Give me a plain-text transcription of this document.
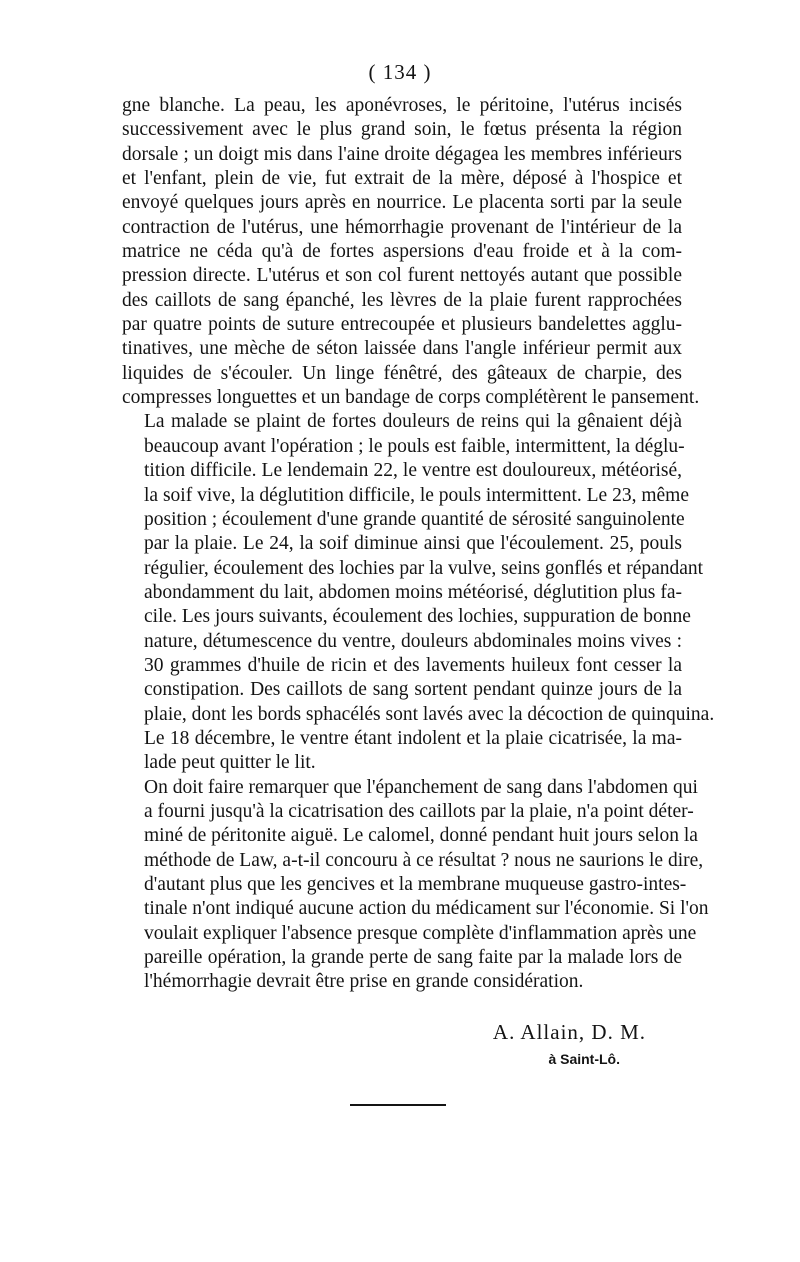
( 134 )

gne blanche. La peau, les aponévroses, le péritoine, l'utérus incisés
successivement avec le plus grand soin, le fœtus présenta la région
dorsale ; un doigt mis dans l'aine droite dégagea les membres inférieurs
et l'enfant, plein de vie, fut extrait de la mère, déposé à l'hospice et
envoyé quelques jours après en nourrice. Le placenta sorti par la seule
contraction de l'utérus, une hémorrhagie provenant de l'intérieur de la
matrice ne céda qu'à de fortes aspersions d'eau froide et à la com-
pression directe. L'utérus et son col furent nettoyés autant que possible
des caillots de sang épanché, les lèvres de la plaie furent rapprochées
par quatre points de suture entrecoupée et plusieurs bandelettes agglu-
tinatives, une mèche de séton laissée dans l'angle inférieur permit aux
liquides de s'écouler. Un linge fénêtré, des gâteaux de charpie, des
compresses longuettes et un bandage de corps complétèrent le pansement.

La malade se plaint de fortes douleurs de reins qui la gênaient déjà
beaucoup avant l'opération ; le pouls est faible, intermittent, la déglu-
tition difficile. Le lendemain 22, le ventre est douloureux, météorisé,
la soif vive, la déglutition difficile, le pouls intermittent. Le 23, même
position ; écoulement d'une grande quantité de sérosité sanguinolente
par la plaie. Le 24, la soif diminue ainsi que l'écoulement. 25, pouls
régulier, écoulement des lochies par la vulve, seins gonflés et répandant
abondamment du lait, abdomen moins météorisé, déglutition plus fa-
cile. Les jours suivants, écoulement des lochies, suppuration de bonne
nature, détumescence du ventre, douleurs abdominales moins vives :
30 grammes d'huile de ricin et des lavements huileux font cesser la
constipation. Des caillots de sang sortent pendant quinze jours de la
plaie, dont les bords sphacélés sont lavés avec la décoction de quinquina.
Le 18 décembre, le ventre étant indolent et la plaie cicatrisée, la ma-
lade peut quitter le lit.

On doit faire remarquer que l'épanchement de sang dans l'abdomen qui
a fourni jusqu'à la cicatrisation des caillots par la plaie, n'a point déter-
miné de péritonite aiguë. Le calomel, donné pendant huit jours selon la
méthode de Law, a-t-il concouru à ce résultat ? nous ne saurions le dire,
d'autant plus que les gencives et la membrane muqueuse gastro-intes-
tinale n'ont indiqué aucune action du médicament sur l'économie. Si l'on
voulait expliquer l'absence presque complète d'inflammation après une
pareille opération, la grande perte de sang faite par la malade lors de
l'hémorrhagie devrait être prise en grande considération.

A. Allain, D. M.
à Saint-Lô.
